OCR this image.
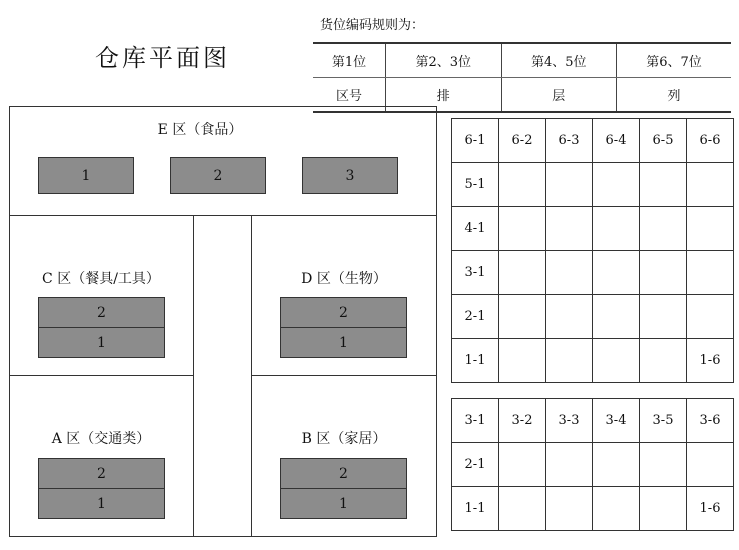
仓库平面图
货位编码规则为：
第1位	第2、3位	第4、5位	第6、7位
区号	排	层	列
E 区（食品）
1	2	3
C 区（餐具/工具）
2
1
D 区（生物）
2
1
A 区（交通类）
2
1
B 区（家居）
2
1
6-1	6-2	6-3	6-4	6-5	6-6
5-1					
4-1					
3-1					
2-1					
1-1					1-6
3-1	3-2	3-3	3-4	3-5	3-6
2-1					
1-1					1-6
